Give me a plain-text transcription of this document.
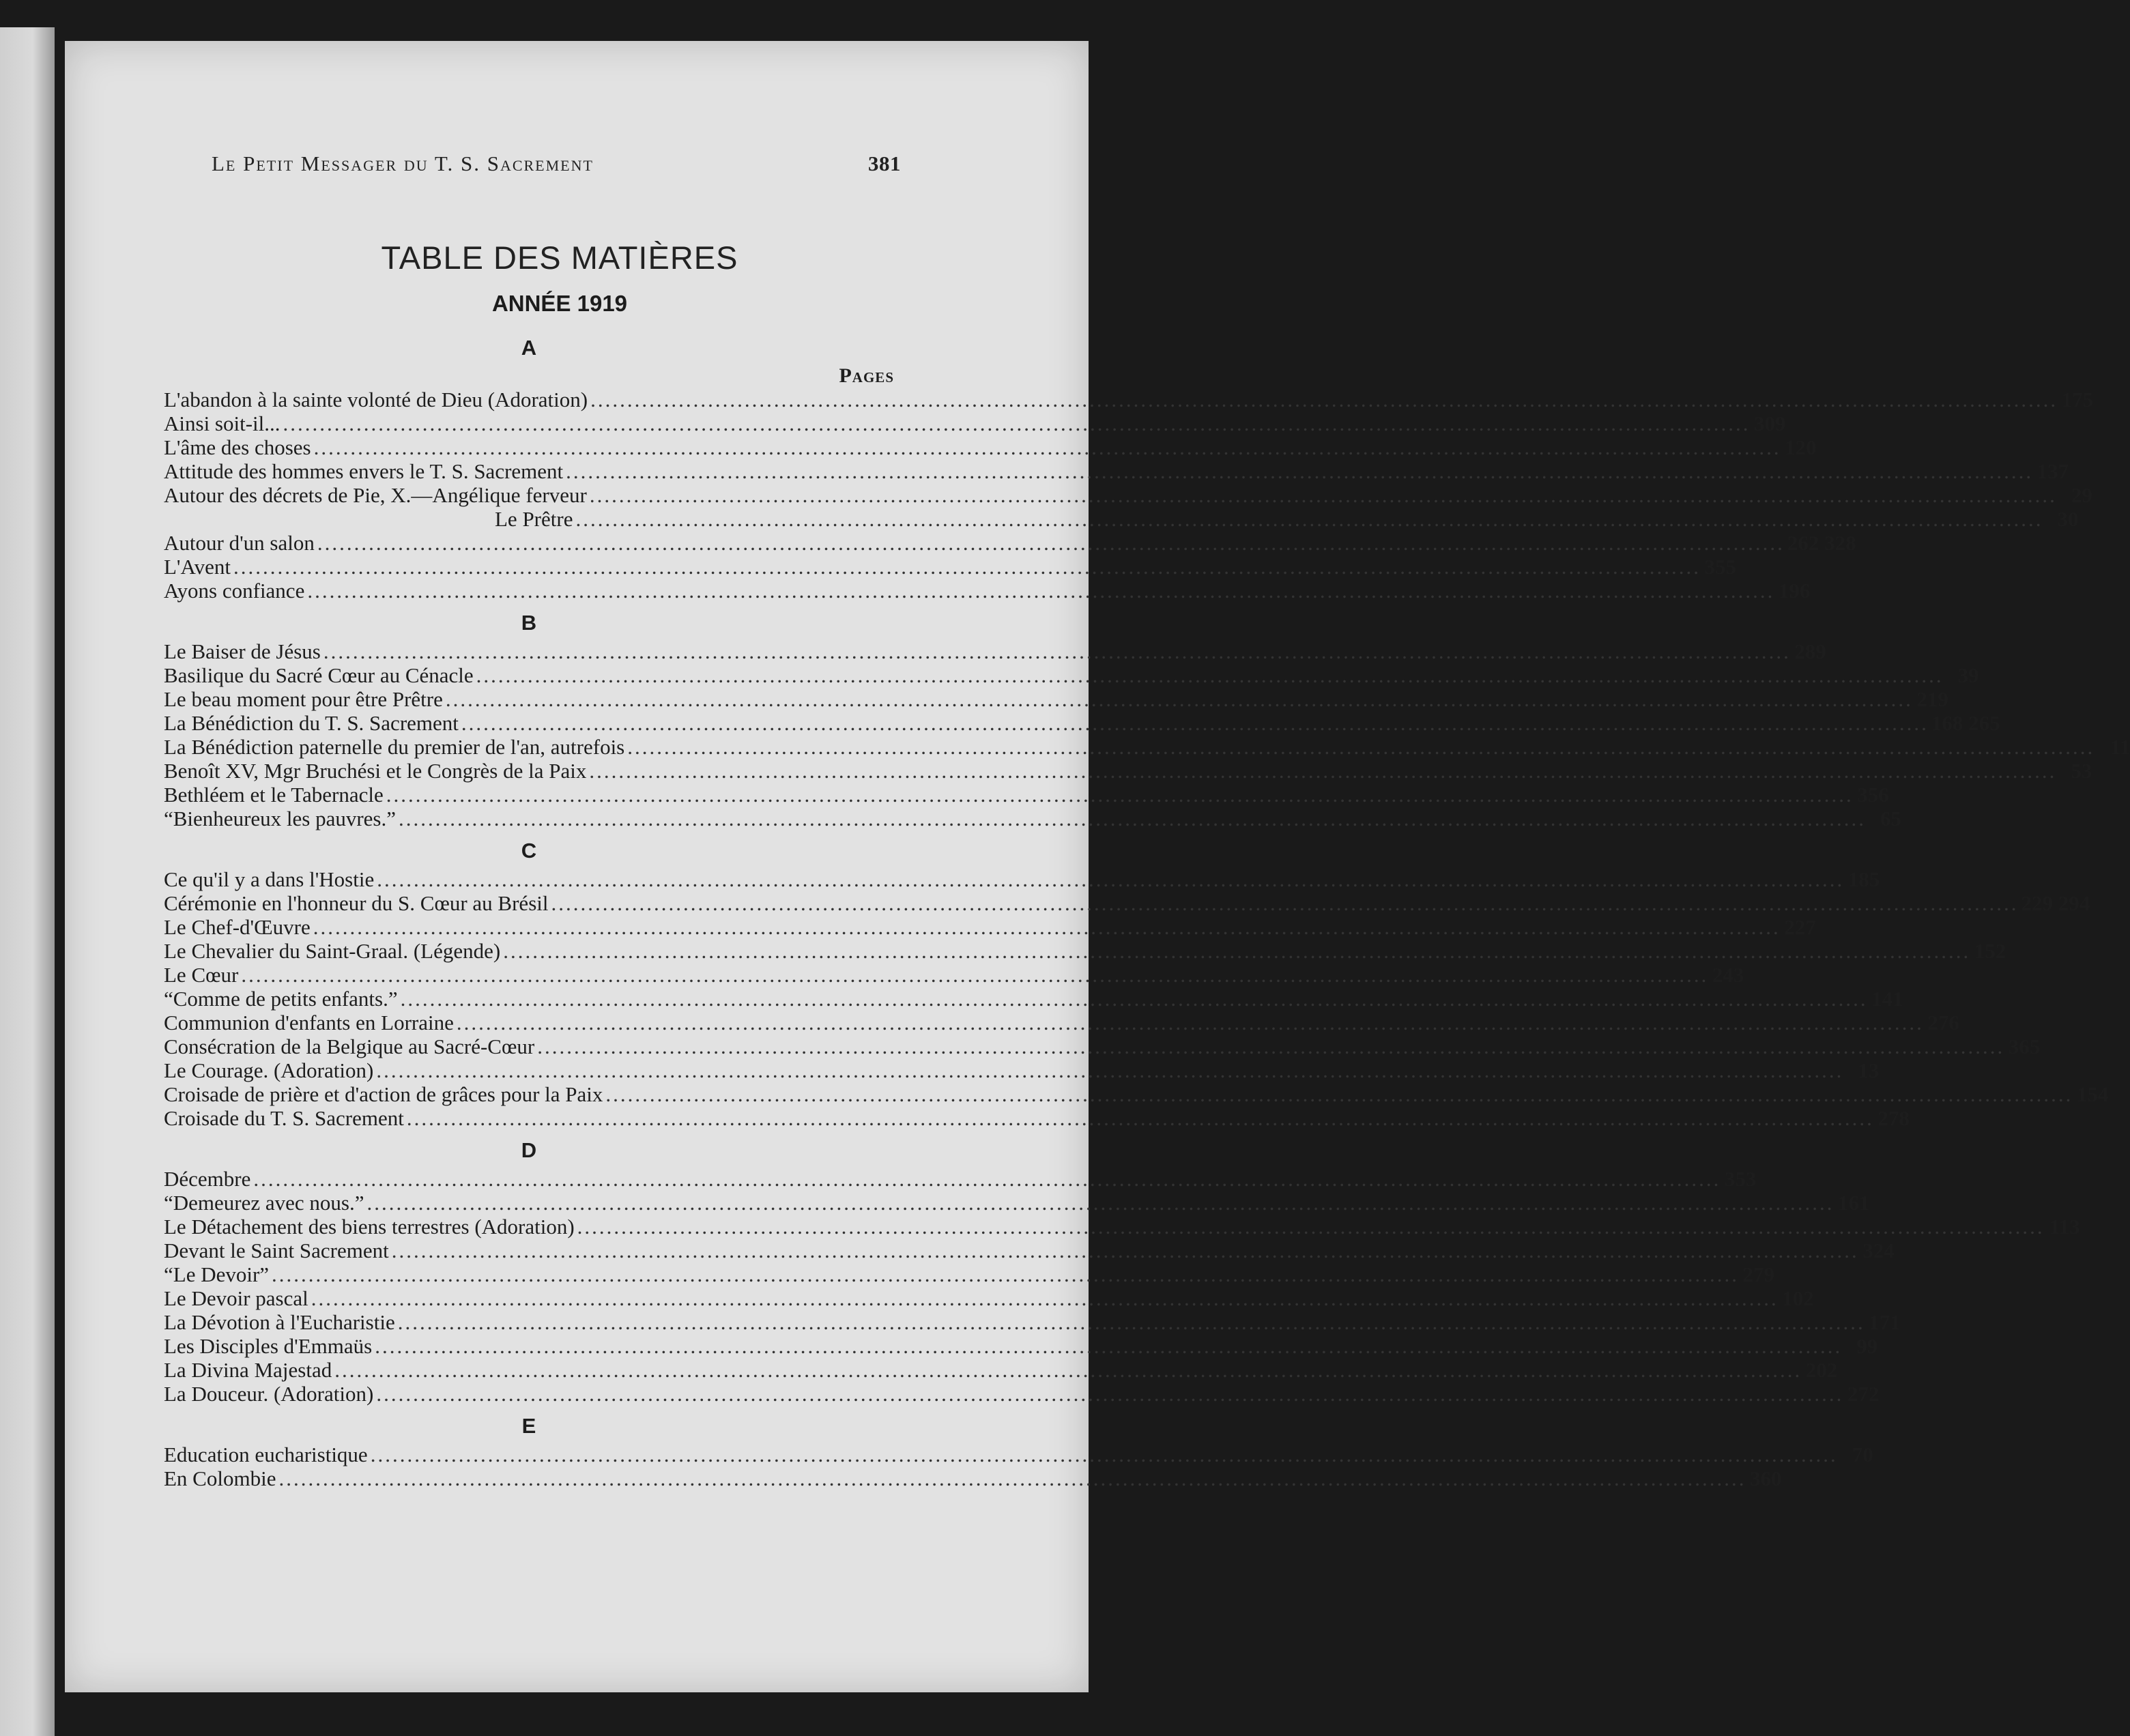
Le Petit Messager du T. S. Sacrement	381
TABLE DES MATIÈRES
ANNÉE 1919
A
Pages
L'abandon à la sainte volonté de Dieu (Adoration) ........................................................................................................................................................................................................ 175
Ainsi soit-il... ........................................................................................................................................................................................................ 309
L'âme des choses ........................................................................................................................................................................................................ 120
Attitude des hommes envers le T. S. Sacrement ........................................................................................................................................................................................................ 137
Autour des décrets de Pie, X.—Angélique ferveur ........................................................................................................................................................................................................ 29
Le Prêtre ........................................................................................................................................................................................................ 30
Autour d'un salon ........................................................................................................................................................................................................ 262 328
L'Avent ........................................................................................................................................................................................................ 355
Ayons confiance ........................................................................................................................................................................................................ 196
B
Le Baiser de Jésus ........................................................................................................................................................................................................ 289
Basilique du Sacré Cœur au Cénacle ........................................................................................................................................................................................................ 39
Le beau moment pour être Prêtre ........................................................................................................................................................................................................ 219
La Bénédiction du T. S. Sacrement ........................................................................................................................................................................................................ 168 265
La Bénédiction paternelle du premier de l'an, autrefois ........................................................................................................................................................................................................ 11
Benoît XV, Mgr Bruchési et le Congrès de la Paix ........................................................................................................................................................................................................ 53
Bethléem et le Tabernacle ........................................................................................................................................................................................................ 356
“Bienheureux les pauvres.” ........................................................................................................................................................................................................ 65
C
Ce qu'il y a dans l'Hostie ........................................................................................................................................................................................................ 185
Cérémonie en l'honneur du S. Cœur au Brésil ........................................................................................................................................................................................................ 229 294
Le Chef-d'Œuvre ........................................................................................................................................................................................................ 227
Le Chevalier du Saint-Graal. (Légende) ........................................................................................................................................................................................................ 152
Le Cœur ........................................................................................................................................................................................................ 243
“Comme de petits enfants.” ........................................................................................................................................................................................................ 141
Communion d'enfants en Lorraine ........................................................................................................................................................................................................ 276
Consécration de la Belgique au Sacré-Cœur ........................................................................................................................................................................................................ 365
Le Courage. (Adoration) ........................................................................................................................................................................................................ 13
Croisade de prière et d'action de grâces pour la Paix ........................................................................................................................................................................................................ 154
Croisade du T. S. Sacrement ........................................................................................................................................................................................................ 278
D
Décembre ........................................................................................................................................................................................................ 353
“Demeurez avec nous.” ........................................................................................................................................................................................................ 161
Le Détachement des biens terrestres (Adoration) ........................................................................................................................................................................................................ 113
Devant le Saint Sacrement ........................................................................................................................................................................................................ 324
“Le Devoir” ........................................................................................................................................................................................................ 279
Le Devoir pascal ........................................................................................................................................................................................................ 102
La Dévotion à l'Eucharistie ........................................................................................................................................................................................................ 171
Les Disciples d'Emmaüs ........................................................................................................................................................................................................ 99
La Divina Majestad ........................................................................................................................................................................................................ 202
La Douceur. (Adoration) ........................................................................................................................................................................................................ 272
E
Education eucharistique ........................................................................................................................................................................................................ 70
En Colombie ........................................................................................................................................................................................................ 360
